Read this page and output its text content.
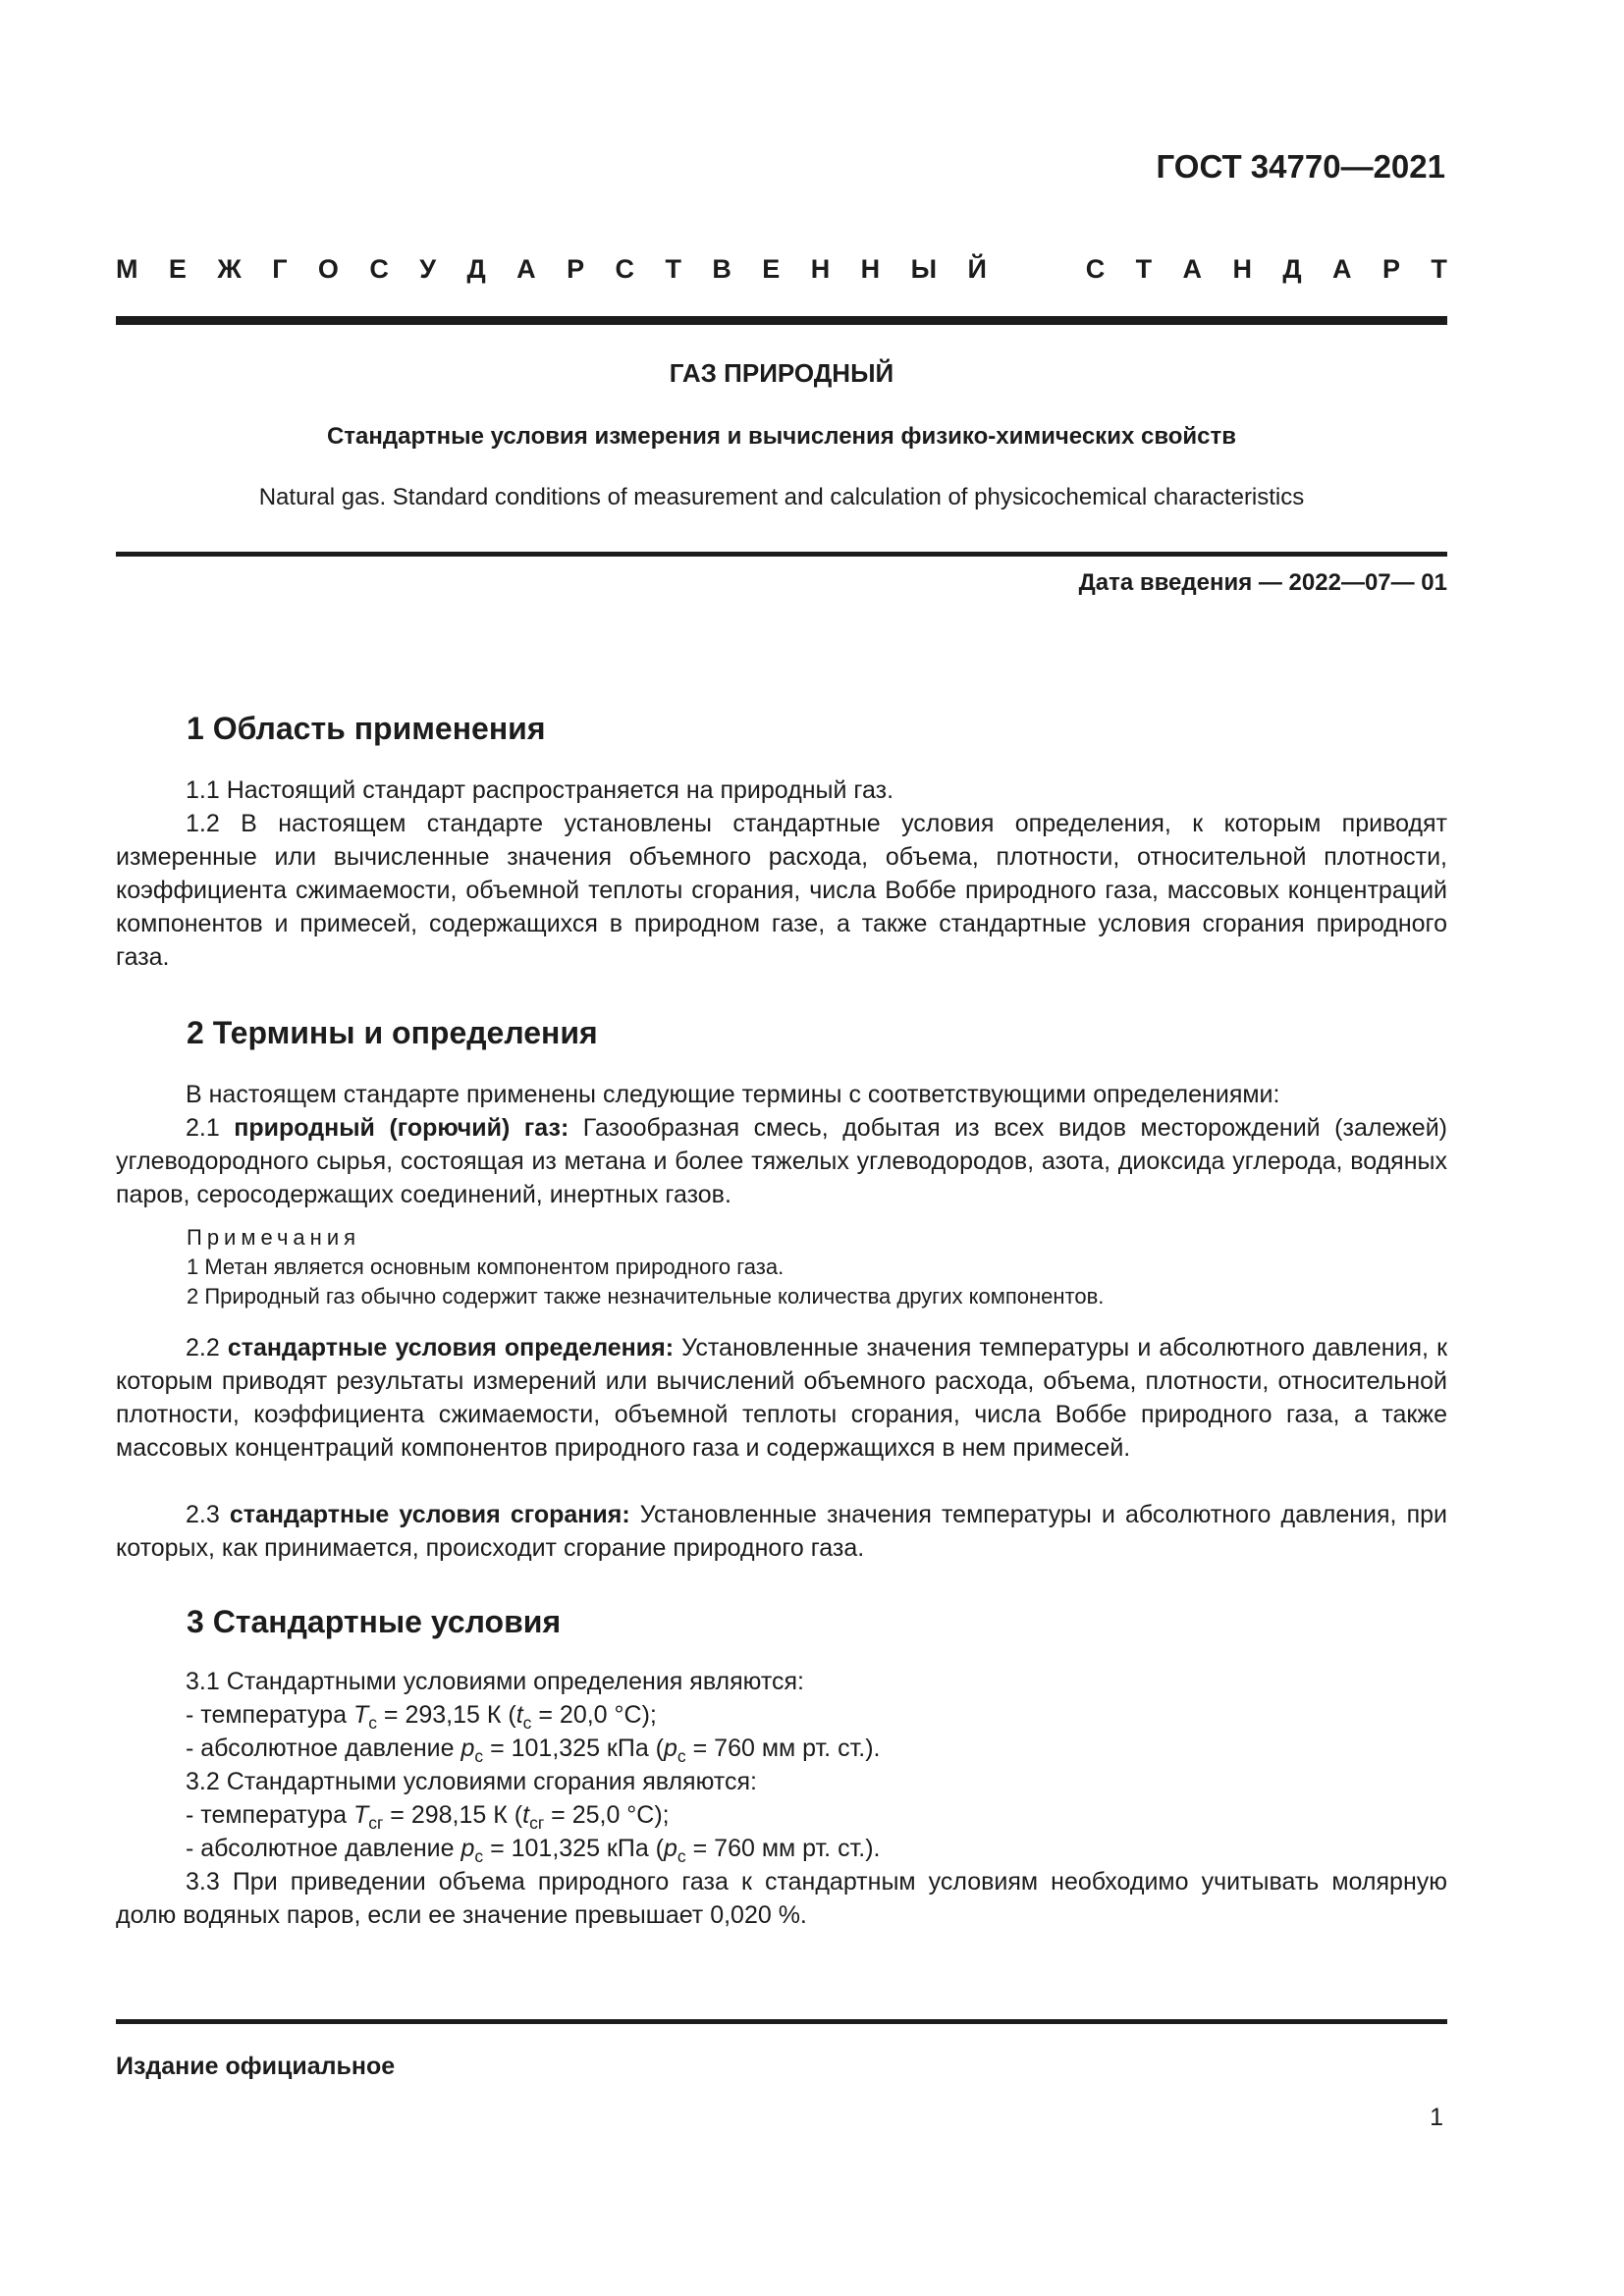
ГОСТ 34770—2021
М Е Ж Г О С У Д А Р С Т В Е Н Н Ы Й	С Т А Н Д А Р Т
ГАЗ ПРИРОДНЫЙ
Стандартные условия измерения и вычисления физико-химических свойств
Natural gas. Standard conditions of measurement and calculation of physicochemical characteristics
Дата введения — 2022—07— 01
1 Область применения
1.1 Настоящий стандарт распространяется на природный газ.
1.2 В настоящем стандарте установлены стандартные условия определения, к которым приводят измеренные или вычисленные значения объемного расхода, объема, плотности, относительной плотности, коэффициента сжимаемости, объемной теплоты сгорания, числа Воббе природного газа, массовых концентраций компонентов и примесей, содержащихся в природном газе, а также стандартные условия сгорания природного газа.
2 Термины и определения
В настоящем стандарте применены следующие термины с соответствующими определениями:
2.1 природный (горючий) газ: Газообразная смесь, добытая из всех видов месторождений (залежей) углеводородного сырья, состоящая из метана и более тяжелых углеводородов, азота, диоксида углерода, водяных паров, серосодержащих соединений, инертных газов.
Примечания
1 Метан является основным компонентом природного газа.
2 Природный газ обычно содержит также незначительные количества других компонентов.
2.2 стандартные условия определения: Установленные значения температуры и абсолютного давления, к которым приводят результаты измерений или вычислений объемного расхода, объема, плотности, относительной плотности, коэффициента сжимаемости, объемной теплоты сгорания, числа Воббе природного газа, а также массовых концентраций компонентов природного газа и содержащихся в нем примесей.
2.3 стандартные условия сгорания: Установленные значения температуры и абсолютного давления, при которых, как принимается, происходит сгорание природного газа.
3 Стандартные условия
3.1 Стандартными условиями определения являются:
- температура $T_c = 293,15$ К ($t_c = 20,0$ °C);
- абсолютное давление $p_c = 101,325$ кПа ($p_c = 760$ мм рт. ст.).
3.2 Стандартными условиями сгорания являются:
- температура $T_{cг} = 298,15$ К ($t_{cг} = 25,0$ °C);
- абсолютное давление $p_c = 101,325$ кПа ($p_c = 760$ мм рт. ст.).
3.3 При приведении объема природного газа к стандартным условиям необходимо учитывать молярную долю водяных паров, если ее значение превышает 0,020 %.
Издание официальное
1
